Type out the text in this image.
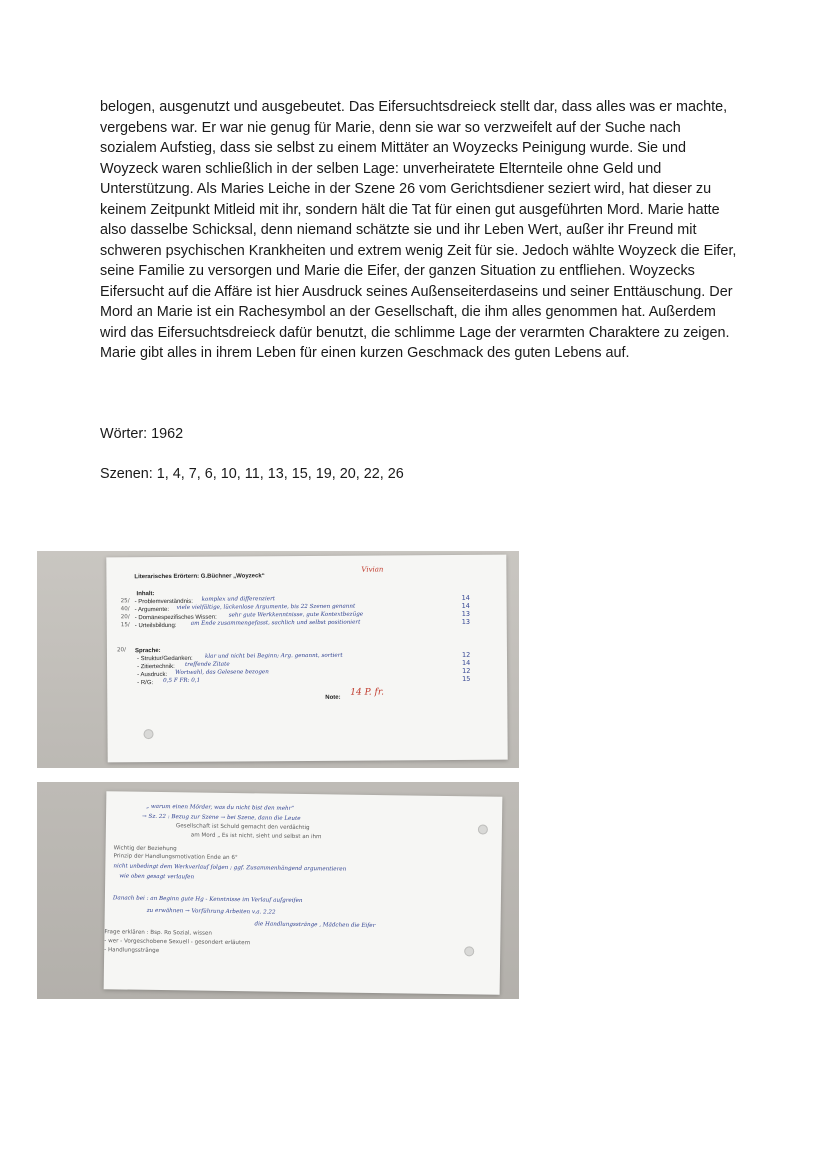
belogen, ausgenutzt und ausgebeutet. Das Eifersuchtsdreieck stellt dar, dass alles was er machte, vergebens war. Er war nie genug für Marie, denn sie war so verzweifelt auf der Suche nach sozialem Aufstieg, dass sie selbst zu einem Mittäter an Woyzecks Peinigung wurde. Sie und Woyzeck waren schließlich in der selben Lage: unverheiratete Elternteile ohne Geld und Unterstützung. Als Maries Leiche in der Szene 26 vom Gerichtsdiener seziert wird, hat dieser zu keinem Zeitpunkt Mitleid mit ihr, sondern hält die Tat für einen gut ausgeführten Mord. Marie hatte also dasselbe Schicksal, denn niemand schätzte sie und ihr Leben Wert, außer ihr Freund mit schweren psychischen Krankheiten und extrem wenig Zeit für sie. Jedoch wählte Woyzeck die Eifer, seine Familie zu versorgen und Marie die Eifer, der ganzen Situation zu entfliehen. Woyzecks Eifersucht auf die Affäre ist hier Ausdruck seines Außenseiterdaseins und seiner Enttäuschung. Der Mord an Marie ist ein Rachesymbol an der Gesellschaft, die ihm alles genommen hat. Außerdem wird das Eifersuchtsdreieck dafür benutzt, die schlimme Lage der verarmten Charaktere zu zeigen. Marie gibt alles in ihrem Leben für einen kurzen Geschmack des guten Lebens auf.

Wörter: 1962

Szenen: 1, 4, 7, 6, 10, 11, 13, 15, 19, 20, 22, 26

Literarisches Erörtern: G.Büchner „Woyzeck“
Vivian
Inhalt:
25/ - Problemverständnis: komplex und differenziert	14
40/ - Argumente: viele vielfältige, lückenlose Argumente, bis 22 Szenen genannt	14
20/ - Domänespezifisches Wissen: sehr gute Werkkenntnisse, gute Kontextbezüge	13
15/ - Urteilsbildung:	am Ende zusammengefasst, sachlich und selbst positioniert	13
20/ Sprache:
- Struktur/Gedanken: klar und nicht bei Beginn; Arg. genannt, sortiert	12
- Zitiertechnik: treffende Zitate	14
- Ausdruck: Wortwahl, das Gelesene bezogen	12
- R/G: 0,5 F FR: 0,1	15
Note:
14 P. fr.
„ warum einen Mörder, was du nicht bist den mehr“
→ Sz. 22 : Bezug zur Szene → bei Szene, dann die Leute
Gesellschaft ist Schuld gemacht den verdächtig
am Mord „ Es ist nicht, sieht und selbst an ihm
Wichtig der Beziehung
Prinzip der Handlungsmotivation Ende an 6°
nicht unbedingt dem Werkverlauf folgen ; ggf. Zusammenhängend argumentieren
wie oben gesagt verlaufen
Danach bei : an Beginn gute Hg - Kenntnisse im Verlauf aufgreifen
zu erwähnen → Vorführung Arbeiten v.a. 2.22
die Handlungsstränge , Mädchen die Eifer
Frage erklären : Bsp. Ro Sozial, wissen
- wer - Vorgeschobene Sexuell - gesondert erläutern
- Handlungsstränge
